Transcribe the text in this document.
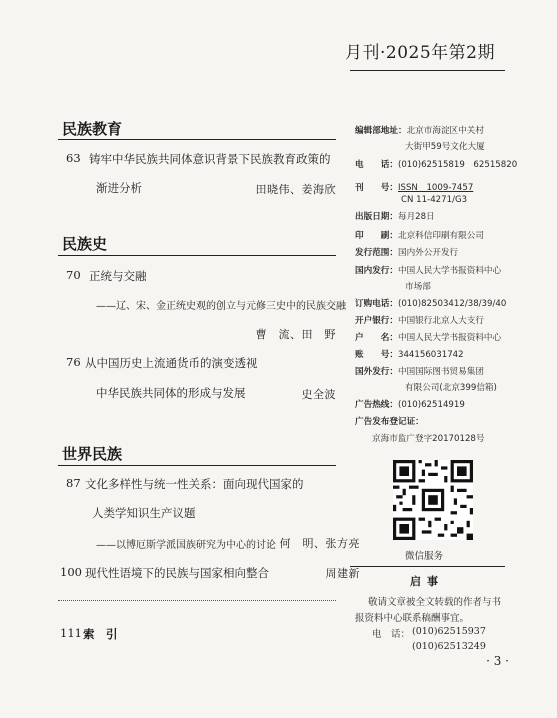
月刊·2025年第2期
民族教育
63 铸牢中华民族共同体意识背景下民族教育政策的
渐进分析	田晓伟、姜海欣
民族史
70 正统与交融
——辽、宋、金正统史观的创立与元修三史中的民族交融
曹　流、田　野
76 从中国历史上流通货币的演变透视
中华民族共同体的形成与发展	史全波
世界民族
87 文化多样性与统一性关系：面向现代国家的
人类学知识生产议题
——以博厄斯学派国族研究为中心的讨论 何　明、张方亮
100 现代性语境下的民族与国家相向整合	周建新
111 索　引
编辑部地址：北京市海淀区中关村
大街甲59号文化大厦
电　　话：(010)62515819　62515820
刊　　号：ISSN　1009-7457
CN 11-4271/G3
出版日期：每月28日
印　　刷：北京科信印刷有限公司
发行范围：国内外公开发行
国内发行：中国人民大学书报资料中心
市场部
订购电话：(010)82503412/38/39/40
开户银行：中国银行北京人大支行
户　　名：中国人民大学书报资料中心
账　　号：344156031742
国外发行：中国国际图书贸易集团
有限公司(北京399信箱)
广告热线：(010)62514919
广告发布登记证：
京海市监广登字20170128号
微信服务
启事
敬请文章被全文转载的作者与书
报资料中心联系稿酬事宜。
电　话： (010)62515937
(010)62513249
· 3 ·
